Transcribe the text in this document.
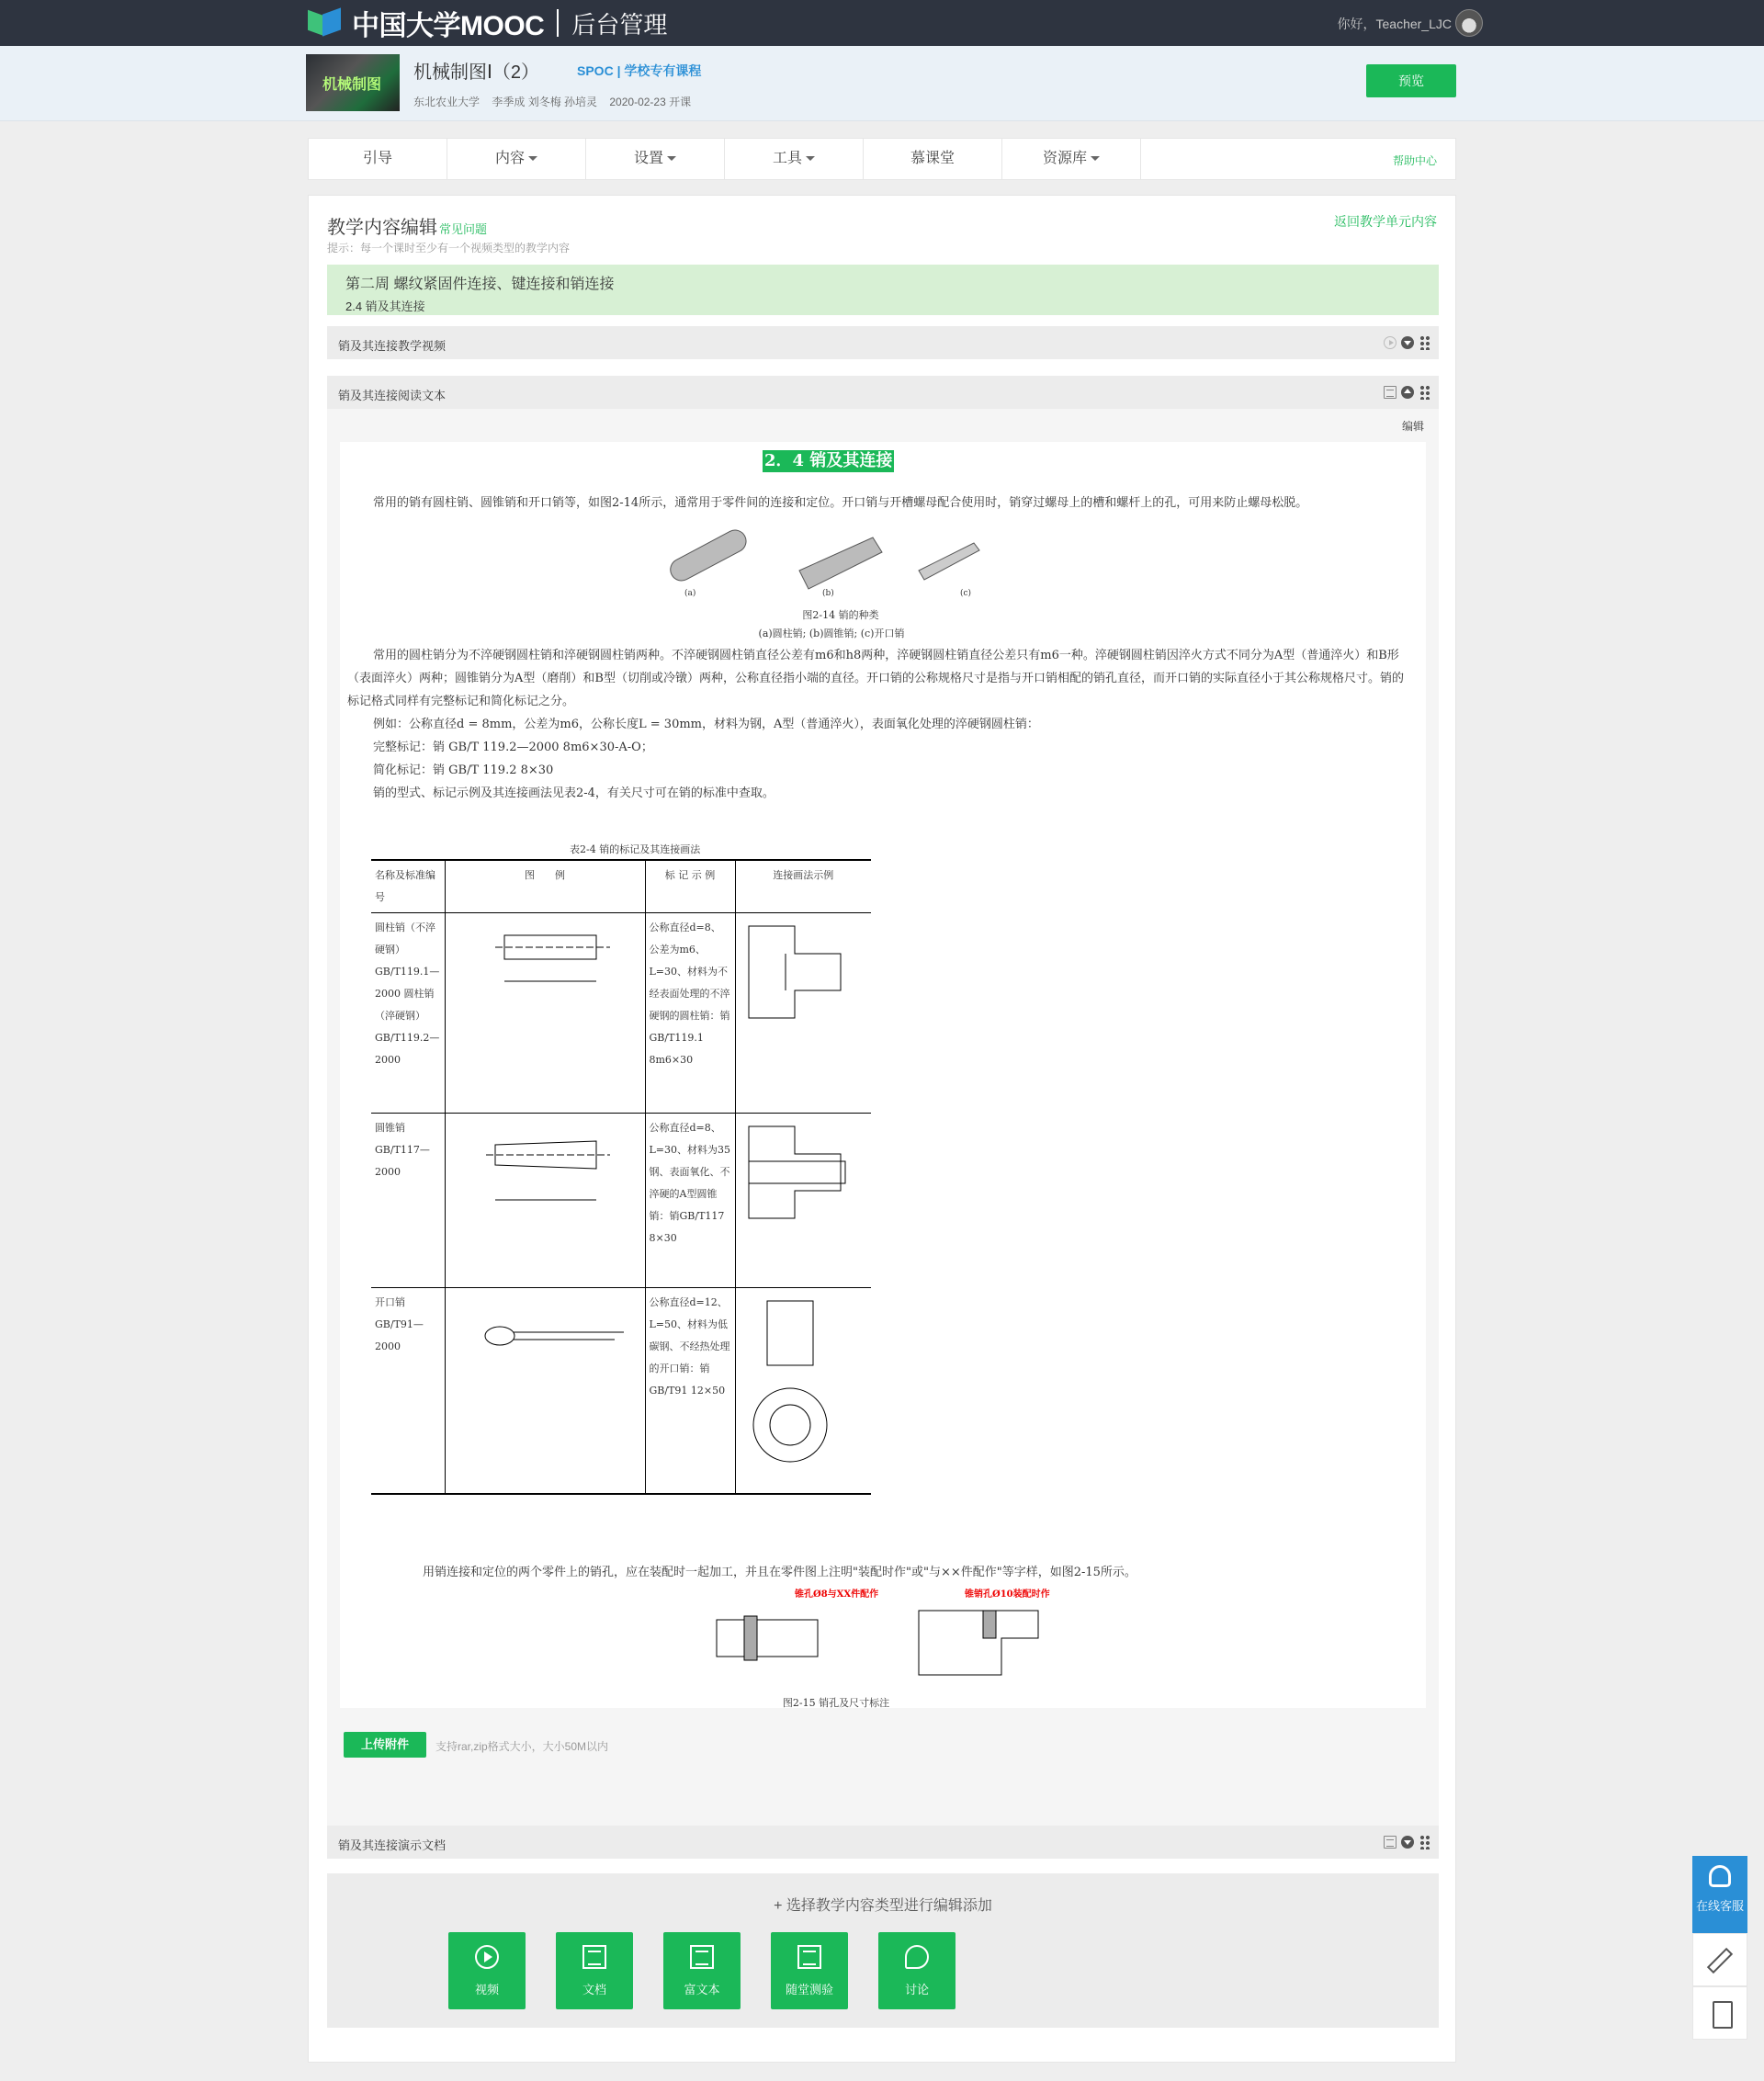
中国大学MOOC 后台管理	你好，Teacher_LJC
机械制图
机械制图Ⅰ（2）	SPOC | 学校专有课程
东北农业大学 李季成 刘冬梅 孙培灵 2020-02-23 开课
预览
引导	内容	设置	工具	慕课堂	资源库	帮助中心
教学内容编辑 常见问题
提示：每一个课时至少有一个视频类型的教学内容
返回教学单元内容
第二周 螺纹紧固件连接、键连接和销连接
2.4 销及其连接
销及其连接教学视频
销及其连接阅读文本
编辑
2．4 销及其连接
常用的销有圆柱销、圆锥销和开口销等，如图2-14所示，通常用于零件间的连接和定位。开口销与开槽螺母配合使用时，销穿过螺母上的槽和螺杆上的孔，可用来防止螺母松脱。
(a)	(b)	(c)
图2-14 销的种类
(a)圆柱销; (b)圆锥销; (c)开口销
常用的圆柱销分为不淬硬钢圆柱销和淬硬钢圆柱销两种。不淬硬钢圆柱销直径公差有m6和h8两种，淬硬钢圆柱销直径公差只有m6一种。淬硬钢圆柱销因淬火方式不同分为A型（普通淬火）和B形（表面淬火）两种；圆锥销分为A型（磨削）和B型（切削或冷镦）两种，公称直径指小端的直径。开口销的公称规格尺寸是指与开口销相配的销孔直径，而开口销的实际直径小于其公称规格尺寸。销的标记格式同样有完整标记和简化标记之分。
例如：公称直径d = 8mm，公差为m6，公称长度L = 30mm，材料为钢，A型（普通淬火），表面氧化处理的淬硬钢圆柱销：
完整标记：销 GB/T 119.2—2000 8m6×30-A-O；
简化标记：销 GB/T 119.2 8×30
销的型式、标记示例及其连接画法见表2-4，有关尺寸可在销的标准中查取。
表2-4 销的标记及其连接画法
名称及标准编号	图　　例	标 记 示 例	连接画法示例
圆柱销（不淬硬钢）GB/T119.1—2000 圆柱销（淬硬钢）GB/T119.2—2000		公称直径d=8、公差为m6、L=30、材料为不经表面处理的不淬硬钢的圆柱销：销GB/T119.1 8m6×30	
圆锥销 GB/T117—2000		公称直径d=8、L=30、材料为35钢、表面氧化、不淬硬的A型圆锥销：销GB/T117 8×30	
开口销 GB/T91—2000		公称直径d=12、L=50、材料为低碳钢、不经热处理的开口销：销 GB/T91 12×50	
用销连接和定位的两个零件上的销孔，应在装配时一起加工，并且在零件图上注明"装配时作"或"与××件配作"等字样，如图2-15所示。
锥孔Ø8与XX件配作	锥销孔Ø10装配时作
图2-15 销孔及尺寸标注
上传附件	支持rar,zip格式大小，大小50M以内
销及其连接演示文档
+ 选择教学内容类型进行编辑添加
视频	文档	富文本	随堂测验	讨论
在线客服
